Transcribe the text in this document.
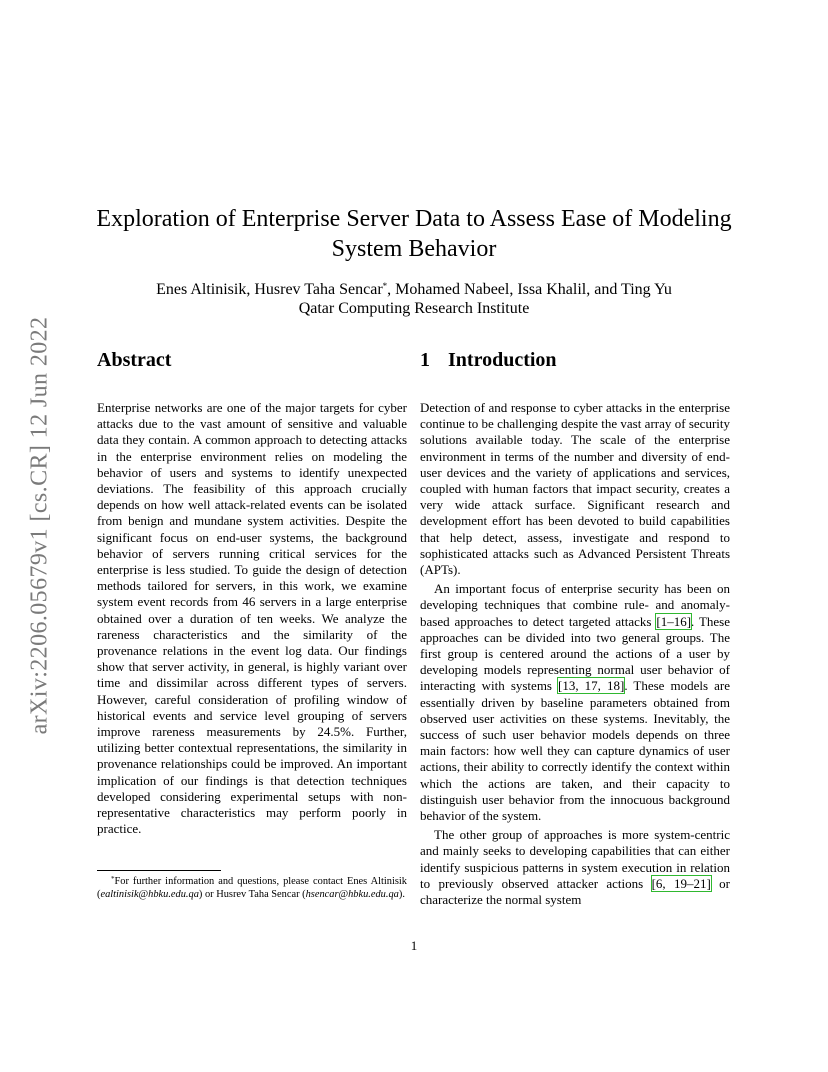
arXiv:2206.05679v1 [cs.CR] 12 Jun 2022
Exploration of Enterprise Server Data to Assess Ease of Modeling
System Behavior
Enes Altinisik, Husrev Taha Sencar*, Mohamed Nabeel, Issa Khalil, and Ting Yu
Qatar Computing Research Institute
Abstract

Enterprise networks are one of the major targets for cyber attacks due to the vast amount of sensitive and valuable data they contain. A common approach to detecting attacks in the enterprise environment relies on modeling the behavior of users and systems to identify unexpected deviations. The feasibility of this approach crucially depends on how well attack-related events can be isolated from benign and mundane system activities. Despite the significant focus on end-user systems, the background behavior of servers running critical services for the enterprise is less studied. To guide the design of detection methods tailored for servers, in this work, we examine system event records from 46 servers in a large enterprise obtained over a duration of ten weeks. We analyze the rareness characteristics and the similarity of the provenance relations in the event log data. Our findings show that server activity, in general, is highly variant over time and dissimilar across different types of servers. However, careful consideration of profiling window of historical events and service level grouping of servers improve rareness measurements by 24.5%. Further, utilizing better contextual representations, the similarity in provenance relationships could be improved. An important implication of our findings is that detection techniques developed considering experimental setups with non-representative characteristics may perform poorly in practice.

1 Introduction

Detection of and response to cyber attacks in the enterprise continue to be challenging despite the vast array of security solutions available today. The scale of the enterprise environment in terms of the number and diversity of end-user devices and the variety of applications and services, coupled with human factors that impact security, creates a very wide attack surface. Significant research and development effort has been devoted to build capabilities that help detect, assess, investigate and respond to sophisticated attacks such as Advanced Persistent Threats (APTs).

An important focus of enterprise security has been on developing techniques that combine rule- and anomaly-based approaches to detect targeted attacks [1–16]. These approaches can be divided into two general groups. The first group is centered around the actions of a user by developing models representing normal user behavior of interacting with systems [13, 17, 18]. These models are essentially driven by baseline parameters obtained from observed user activities on these systems. Inevitably, the success of such user behavior models depends on three main factors: how well they can capture dynamics of user actions, their ability to correctly identify the context within which the actions are taken, and their capacity to distinguish user behavior from the innocuous background behavior of the system.

The other group of approaches is more system-centric and mainly seeks to developing capabilities that can either identify suspicious patterns in system execution in relation to previously observed attacker actions [6, 19–21] or characterize the normal system

*For further information and questions, please contact Enes Altinisik (ealtinisik@hbku.edu.qa) or Husrev Taha Sencar (hsencar@hbku.edu.qa).
1
